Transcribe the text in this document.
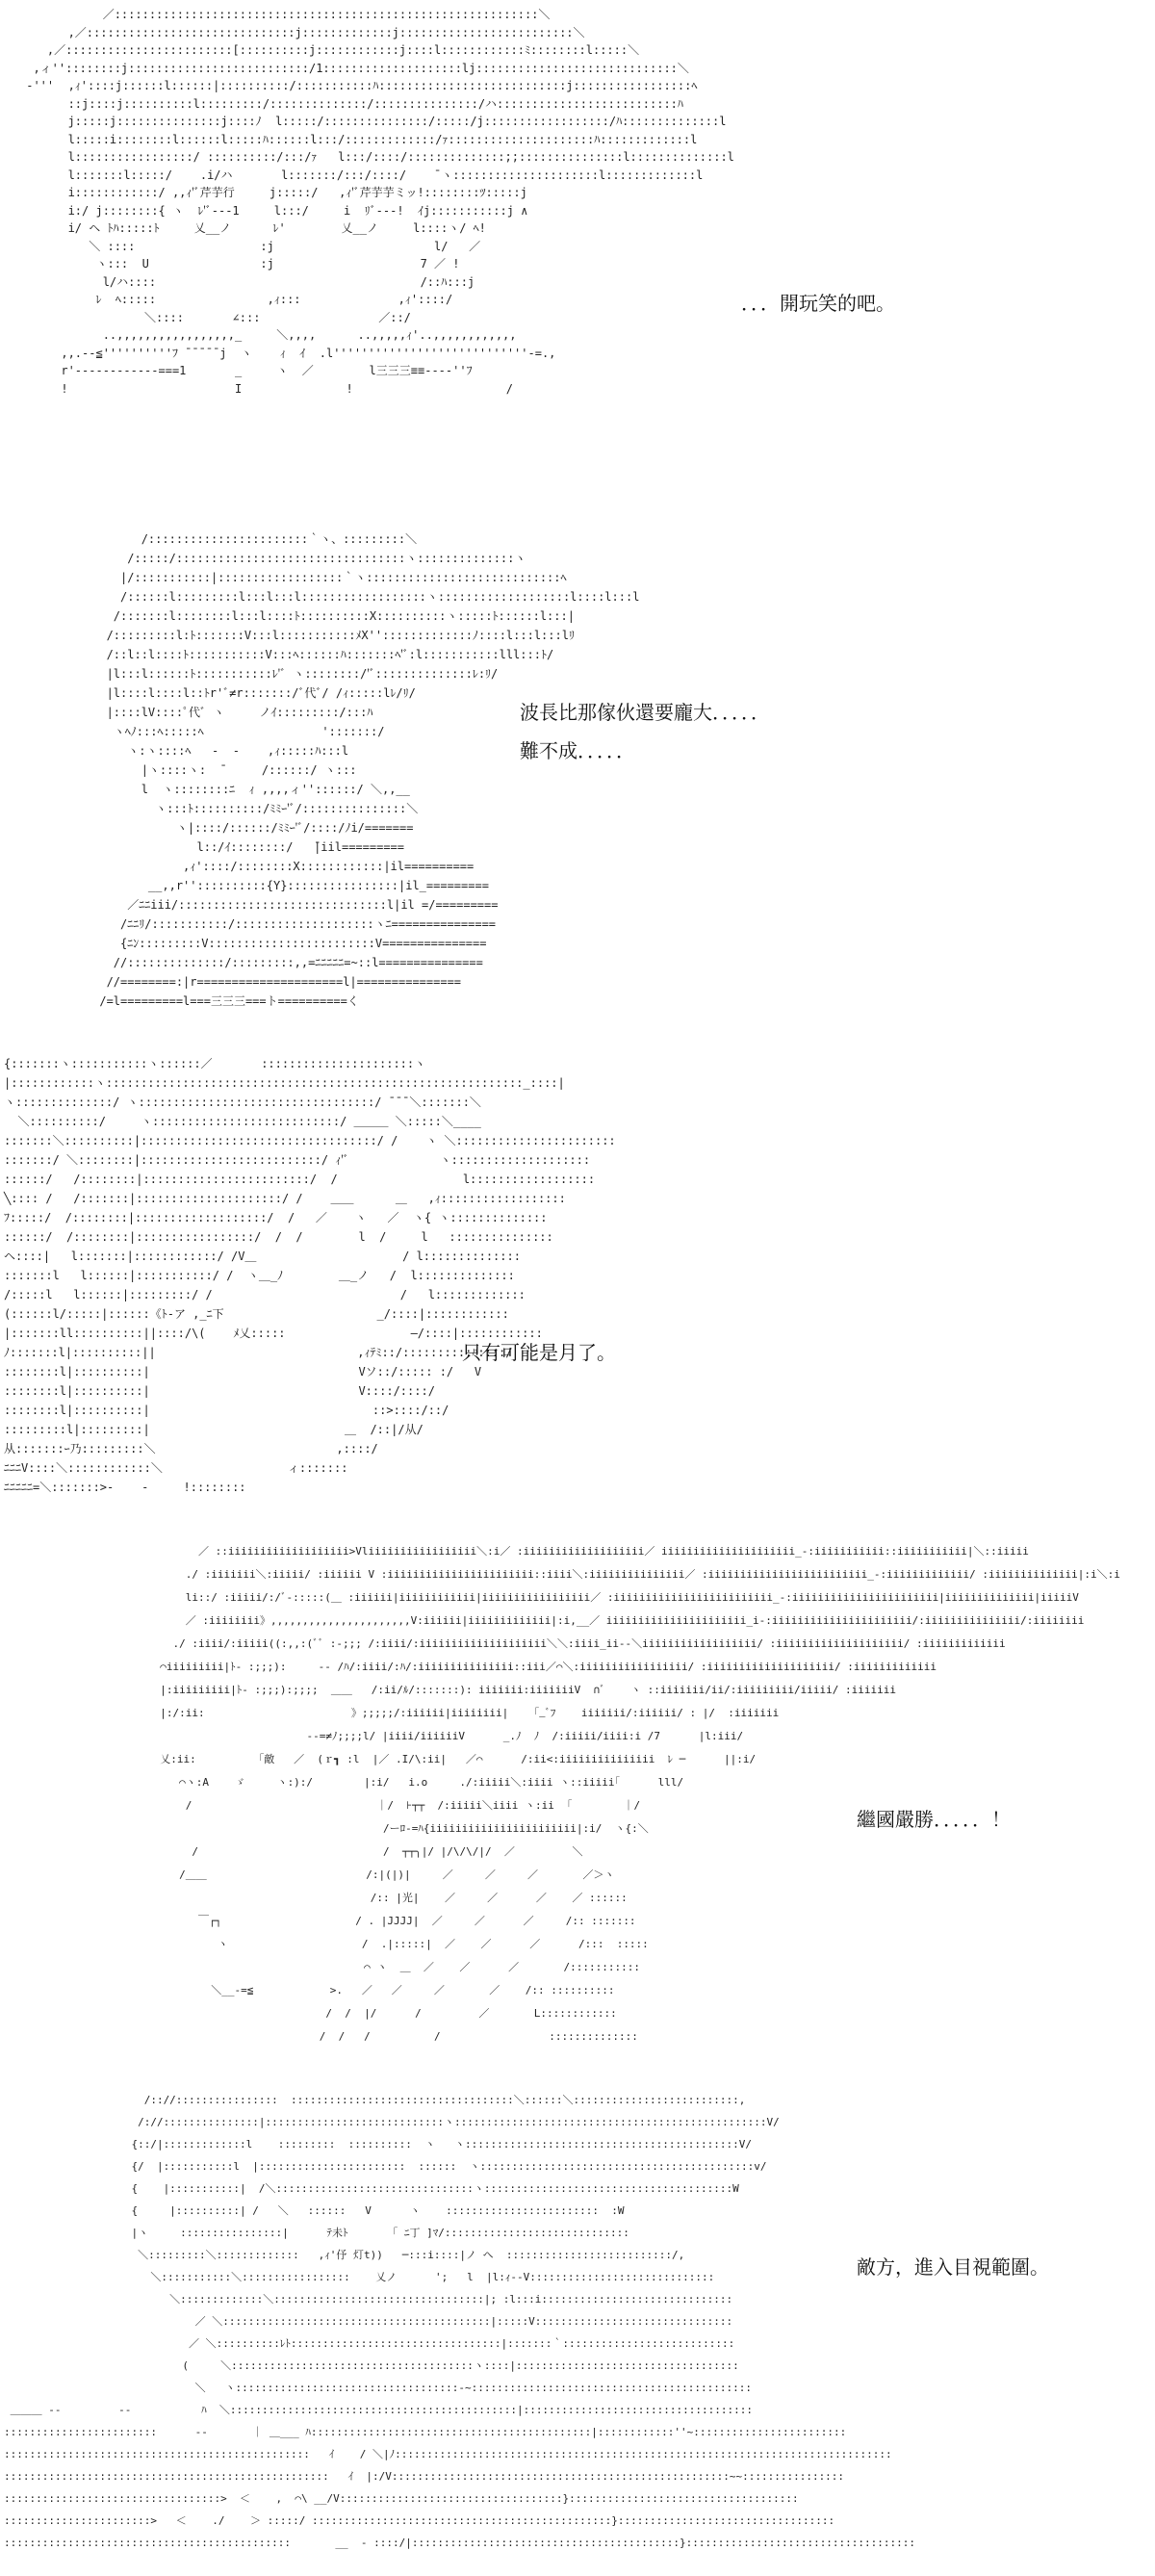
／:::::::::::::::::::::::::::::::::::::::::::::::::::::::::::::＼
,／::::::::::::::::::::::::::::::j:::::::::::::j:::::::::::::::::::::::::＼
,／::::::::::::::::::::::::[::::::::::j::::::::::::j::::l::::::::::::ﾐ::::::::l:::::＼
,ィ''::::::::j::::::::::::::::::::::::::/1::::::::::::::::::::lj:::::::::::::::::::::::::::::＼
‐'''  ,ｨ'::::j::::::l::::::|::::::::::/:::::::::::ﾊ:::::::::::::::::::::::::::j:::::::::::::::::ﾍ
::j::::j::::::::::l:::::::::/::::::::::::::/:::::::::::::::/ハ::::::::::::::::::::::::::ﾊ
j:::::j:::::::::::::::j::::ﾉ  l:::::/:::::::::::::::/:::::/j::::::::::::::::::/ﾊ::::::::::::::l
l:::::i::::::::l::::::l:::::ﾊ::::::l:::/:::::::::::::/ｧ:::::::::::::::::::::ﾊ:::::::::::::l
l:::::::::::::::::/ ::::::::::/:::/ｧ   l:::/::::/::::::::::::::;;:::::::::::::::l::::::::::::::l
l:::::::l:::::/    .i/ハ       l:::::::/:::/::::/    ̄ ヽ:::::::::::::::::::::l:::::::::::::l
i::::::::::::/ ,,ｨ'ﾞ芹芋行     j:::::/   ,ｨ'ﾞ芹芋芋ミッ!::::::::ﾂ:::::j
i:/ j::::::::{ ヽ  ﾚ'ﾞ---1     l:::/     i  ﾘﾞ---!  ｲj:::::::::::j ∧
i/ ヘ ﾄﾊ:::::ﾄ     乂__ノ      ﾚ'        乂__ノ     l::::ヽ/ ﾍ!
＼ ::::                  :j                       l/   ／
ヽ:::  U                :j                     7 ／ !
l/ハ::::                                      /::ﾊ:::j
ﾚ  ﾍ:::::                ,ｨ:::              ,ｨ'::::/
＼::::       ∠:::                 ／::/
..,,,,,,,,,,,,,,,,,_     ＼,,,,      ..,,,,,ｨ'..,,,,,,,,,,,,
,,.--≦''''''''''ﾌ ̄ ̄ ̄ ̄ ̄ j  ヽ    ｨ  ｲ  .l''''''''''''''''''''''''''''-=.,
r'------------===1       _     ヽ  ／        l三三三≡≡---‐''ﾌ
!                        I               !                      /
．．．開玩笑的吧。
/:::::::::::::::::::::::｀ヽ、:::::::::＼
/:::::/:::::::::::::::::::::::::::::::::ヽ::::::::::::::ヽ
|/:::::::::::|::::::::::::::::::｀ヽ::::::::::::::::::::::::::::ﾍ
/::::::l:::::::::l:::l:::l::::::::::::::::::ヽ:::::::::::::::::::l::::l:::l
/:::::::l::::::::l:::l::::ﾄ::::::::::X::::::::::ヽ:::::ﾄ::::::l:::|
/:::::::::l:ﾄ:::::::V:::l:::::::::::ﾒX'':::::::::::::ﾉ::::l:::l:::lﾘ
/::l::l::::ﾄ:::::::::::V:::ﾍ::::::ﾊ:::::::ﾍ'ﾞ:l:::::::::::lll:::ﾄ/
|l:::l::::::ﾄ:::::::::::ﾚ'ﾞ ヽ::::::::/'ﾞ::::::::::::::ﾚ:ﾘ/
|l::::l::::l::ﾄr'ﾞ≠r:::::::/ﾞ代ﾞ/ /ｨ:::::lﾚ/ﾘ/
|::::lV::::ﾟ代ﾞ ヽ     ノｲ:::::::::/:::ﾊ
ヽﾍﾉ:::ﾍ:::::ﾍ                 ':::::::/
ヽ:ヽ::::ﾍ   -  ‐    ,ｨ:::::ﾊ:::l
|ヽ::::ヽ:  ̄      /::::::/ ヽ:::
l  ヽ::::::::ﾆ  ｨ ,,,,ィ''::::::/ ＼,,__
ヽ:::ﾄ::::::::::/ﾐﾐｰ'ﾞ/:::::::::::::::＼
ヽ|::::/::::::/ﾐﾐｰ'ﾞ/::::/ﾉi/=======
l::/ｲ::::::::/   ̄|iil=========
,ｨ'::::/::::::::X::::::::::::|il==========
__,,r''::::::::::{Y}::::::::::::::::|il_=========
／ﾆﾆiii/::::::::::::::::::::::::::::::l|il =/=========
/ﾆﾆﾘ/:::::::::::/::::::::::::::::::::ヽﾆ===============
{ﾆﾝ:::::::::V::::::::::::::::::::::::V===============
//::::::::::::::/:::::::::,,=ﾆﾆﾆﾆﾆ=~::l===============
//========:|r=====================l|===============
/=l=========l===三三三===ト==========く
波長比那傢伙還要龐大．．．．．
難不成．．．．．
{:::::::ヽ:::::::::::ヽ::::::／       ::::::::::::::::::::::ヽ
|::::::::::::ヽ::::::::::::::::::::::::::::::::::::::::::::::::::::::::::::_::::|
ヽ::::::::::::::/ ヽ::::::::::::::::::::::::::::::::::/ ̄ ̄ ̄ ＼:::::::＼
＼::::::::::/     ヽ:::::::::::::::::::::::::::/ ＿＿＿ ＼:::::＼____
:::::::＼::::::::::|::::::::::::::::::::::::::::::::::/ /    ヽ ＼:::::::::::::::::::::::
:::::::/ ＼::::::::|::::::::::::::::::::::::::/ ｨ'ﾞ             ヽ::::::::::::::::::::
::::::/   /::::::::|::::::::::::::::::::::::/  /                  l::::::::::::::::::
╲:::: /   /:::::::|:::::::::::::::::::::/ /    ＿＿      ＿   ,ｨ::::::::::::::::::
ﾌ:::::/  /::::::::|:::::::::::::::::::/  /   ／    ヽ   ／  ヽ{ ヽ::::::::::::::
::::::/  /::::::::|:::::::::::::::::/  /  /        l  /     l   :::::::::::::::
ヘ::::|   l:::::::|::::::::::::/ /V＿                     / l::::::::::::::
:::::::l   l::::::|:::::::::::/ /  ヽ＿_ﾉ        ＿_ノ   /  l::::::::::::::
/:::::l   l::::::|:::::::::/ /                           /   l:::::::::::::
(::::::l/:::::|::::::《ﾄ‐ア ,_ﾆ下                      _/::::|::::::::::::
|:::::::ll::::::::::||::::/\(    ﾒ乂:::::                  ―/::::|::::::::::::
ﾉ:::::::l|::::::::::||                             ,ｨﾃﾐ::/::::::::::ﾊ::::/
::::::::l|::::::::::|                              Vソ::/::::: :/   V
::::::::l|::::::::::|                              V::::/::::/
::::::::l|::::::::::|                                ::>::::/::/
:::::::::l|:::::::::|                            ＿  /::|/从/
从:::::::ｰ乃:::::::::＼                          ,::::/
ﾆﾆﾆV::::＼::::::::::::＼                  ィ:::::::
ﾆﾆﾆﾆﾆ=＼:::::::>‐    ‐     !::::::::
只有可能是月了。
／ ::iiiiiiiiiiiiiiiiiii>Vliiiiiiiiiiiiiiiii＼:i／ :iiiiiiiiiiiiiiiiiii／ iiiiiiiiiiiiiiiiiiiii_-:iiiiiiiiiii::iiiiiiiiiii|＼::iiiii
./ :iiiiiii＼:iiiii/ :iiiiii V :iiiiiiiiiiiiiiiiiiiiiii::iiii＼:iiiiiiiiiiiiiii／ :iiiiiiiiiiiiiiiiiiiiiiiii_-:iiiiiiiiiiiii/ :iiiiiiiiiiiiii|:i＼:i
li::/ :iiiii/:/ﾞ‐:::::(＿ :iiiiii|iiiiiiiiiiii|iiiiiiiiiiiiiiiii／ :iiiiiiiiiiiiiiiiiiiiiiiii_-:iiiiiiiiiiiiiiiiiiiiiii|iiiiiiiiiiiiii|iiiiiV
／ :iiiiiiii》,,,,,,,,,,,,,,,,,,,,,,V:iiiiii|iiiiiiiiiiiii|:i,__／ iiiiiiiiiiiiiiiiiiiiii_i‐:iiiiiiiiiiiiiiiiiiiiii/:iiiiiiiiiiiiiii/:iiiiiiii
./ :iiii/:iiiii((:,,:(ﾞﾞ :-;;; /:iiii/:iiiiiiiiiiiiiiiiiiii＼＼:iiii_ii‐‐＼iiiiiiiiiiiiiiiiii/ :iiiiiiiiiiiiiiiiiiii/ :iiiiiiiiiiiii
⌒iiiiiiiii|ﾄ‐ :;;;):     -‐ /ﾊ/:iiii/:ﾊ/:iiiiiiiiiiiiiii::iii／⌒＼:iiiiiiiiiiiiiiiii/ :iiiiiiiiiiiiiiiiiiii/ :iiiiiiiiiiiii
|:iiiiiiiii|ﾄ‐ :;;;):;;;;  ＿＿   /:ii/ﾙ/:::::::): iiiiiii:iiiiiiiV  ∩ﾞ    ヽ ::iiiiiii/ii/:iiiiiiiii/iiiii/ :iiiiiii
|:/:ii:                       》;;;;;/:iiiiii|iiiiiiii|    ｢_ﾞﾌ    iiiiiii/:iiiiii/ : |/  :iiiiiii
‐‐=≠ﾉ;;;;l/ |iiii/iiiiiiV      _.ﾉ  ﾉ  /:iiiii/iiii:i /7      |l:iii/
乂:ii:         「敵   ／  (ｒ┓ :l  |／ .I/\:ii|   ／⌒      /:ii<:iiiiiiiiiiiiiii  ﾚ ─      ||:i/
⌒ヽ:A    ゞ     ヽ:):/        |:i/   i.o     ./:iiiii＼:iiii ヽ::iiiii｢      lll/
/                             ｜/  ⊦┬┬  /:iiiii＼iiii ヽ:ii  ｢        ｜/
/ーﾛ‐=ﾊ{iiiiiiiiiiiiiiiiiiiiiii|:i/  ヽ{:＼
/                             /  ┬┬╮|/ |/\/\/|/  ／         ＼
/＿＿                         /:|(|)|     ／     ／     ／       ／＞ヽ
/:: |光|    ／     ／      ／    ／ ::::::
￣┌┐                     / . |JJJJ|  ／     ／      ／     /:: :::::::
ヽ                     /  .|:::::|  ／    ／      ／      /:::  :::::
⌒ ヽ  ＿  ／    ／      ／       /:::::::::::
＼__-=≦            >.   ／   ／     ／       ／    /:: ::::::::::
/  /  |/      /         ／       L::::::::::::
/  /   /          /                 ::::::::::::::
繼國嚴勝．．．．．！
/:://::::::::::::::::  :::::::::::::::::::::::::::::::::::＼::::::＼::::::::::::::::::::::::::,
/://:::::::::::::::|::::::::::::::::::::::::::::ヽ:::::::::::::::::::::::::::::::::::::::::::::::::V/
{::/|:::::::::::::l    :::::::::  ::::::::::  ヽ   ヽ:::::::::::::::::::::::::::::::::::::::::::V/
{/  |:::::::::::l  |:::::::::::::::::::::::  ::::::  ヽ:::::::::::::::::::::::::::::::::::::::::::v/
{    |:::::::::::|  /＼:::::::::::::::::::::::::::::::ヽ:::::::::::::::::::::::::::::::::::::::W
{     |::::::::::| /   ＼   ::::::   V      ヽ    ::::::::::::::::::::::::  :W
|ヽ     ::::::::::::::::|      ﾃ未ﾄ       ｢ ﾆ丁 ]ﾏ/:::::::::::::::::::::::::::::
＼:::::::::＼:::::::::::::   ,ｨ'伃 灯t))   ─:::i::::|ノ ヘ  ::::::::::::::::::::::::::/,
＼:::::::::::＼:::::::::::::::::    乂ノ      ';   l  |l:ｨ‐‐V:::::::::::::::::::::::::::::
＼:::::::::::::＼:::::::::::::::::::::::::::::::::|; :l:::i::::::::::::::::::::::::::::::
／ ＼::::::::::::::::::::::::::::::::::::::::::|:::::V:::::::::::::::::::::::::::::::
／ ＼::::::::::ﾚﾄ:::::::::::::::::::::::::::::::::|:::::::｀:::::::::::::::::::::::::::
(     ＼::::::::::::::::::::::::::::::::::::::ヽ::::|:::::::::::::::::::::::::::::::::::
＼   ヽ:::::::::::::::::::::::::::::::::::‐~::::::::::::::::::::::::::::::::::::::::::::
＿＿＿ ‐‐         ‐‐           ﾊ  ＼:::::::::::::::::::::::::::::::::::::::::::::|::::::::::::::::::::::::::::::::::::
::::::::::::::::::::::::      ‐‐       ｜ ＿___ ﾊ::::::::::::::::::::::::::::::::::::::::::::|::::::::::::''~::::::::::::::::::::::::
::::::::::::::::::::::::::::::::::::::::::::::::   ｲ    / ＼|ﾉ::::::::::::::::::::::::::::::::::::::::::::::::::::::::::::::::::::::::::::::
:::::::::::::::::::::::::::::::::::::::::::::::::::   ｲ  |:/V:::::::::::::::::::::::::::::::::::::::::::::::::::::~~::::::::::::::::
::::::::::::::::::::::::::::::::::>  ＜    ,  ⌒\ __/V:::::::::::::::::::::::::::::::::::}::::::::::::::::::::::::::::::::::::
:::::::::::::::::::::::>   ＜    ./    ＞ :::::/ :::::::::::::::::::::::::::::::::::::::::::::::}::::::::::::::::::::::::::::::::::
:::::::::::::::::::::::::::::::::::::::::::::       __  ‐ ::::/|::::::::::::::::::::::::::::::::::::::::::}::::::::::::::::::::::::::::::::::::
敵方，進入目視範圍。
